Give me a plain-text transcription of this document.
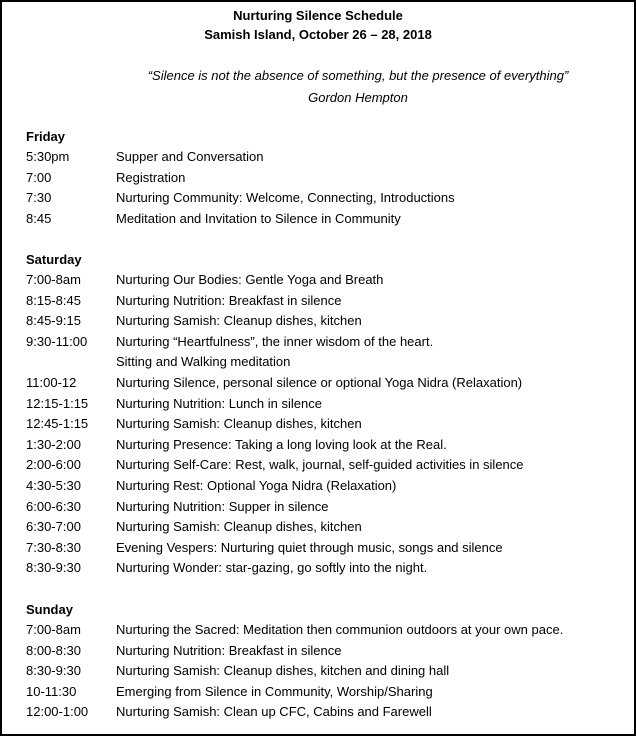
Nurturing Silence Schedule
Samish Island, October 26 – 28, 2018
“Silence is not the absence of something, but the presence of everything”
Gordon Hempton
Friday
5:30pm	Supper and Conversation
7:00	Registration
7:30	Nurturing Community: Welcome, Connecting, Introductions
8:45	Meditation and Invitation to Silence in Community
Saturday
7:00-8am	Nurturing Our Bodies: Gentle Yoga and Breath
8:15-8:45	Nurturing Nutrition: Breakfast in silence
8:45-9:15	Nurturing Samish: Cleanup dishes, kitchen
9:30-11:00 Nurturing “Heartfulness”, the inner wisdom of the heart.
Sitting and Walking meditation
11:00-12	Nurturing Silence, personal silence or optional Yoga Nidra (Relaxation)
12:15-1:15 Nurturing Nutrition: Lunch in silence
12:45-1:15 Nurturing Samish: Cleanup dishes, kitchen
1:30-2:00	Nurturing Presence: Taking a long loving look at the Real.
2:00-6:00	Nurturing Self-Care: Rest, walk, journal, self-guided activities in silence
4:30-5:30	Nurturing Rest: Optional Yoga Nidra (Relaxation)
6:00-6:30	Nurturing Nutrition: Supper in silence
6:30-7:00	Nurturing Samish: Cleanup dishes, kitchen
7:30-8:30	Evening Vespers: Nurturing quiet through music, songs and silence
8:30-9:30	Nurturing Wonder: star-gazing, go softly into the night.
Sunday
7:00-8am	Nurturing the Sacred: Meditation then communion outdoors at your own pace.
8:00-8:30	Nurturing Nutrition: Breakfast in silence
8:30-9:30	Nurturing Samish: Cleanup dishes, kitchen and dining hall
10-11:30	Emerging from Silence in Community, Worship/Sharing
12:00-1:00 Nurturing Samish: Clean up CFC, Cabins and Farewell
